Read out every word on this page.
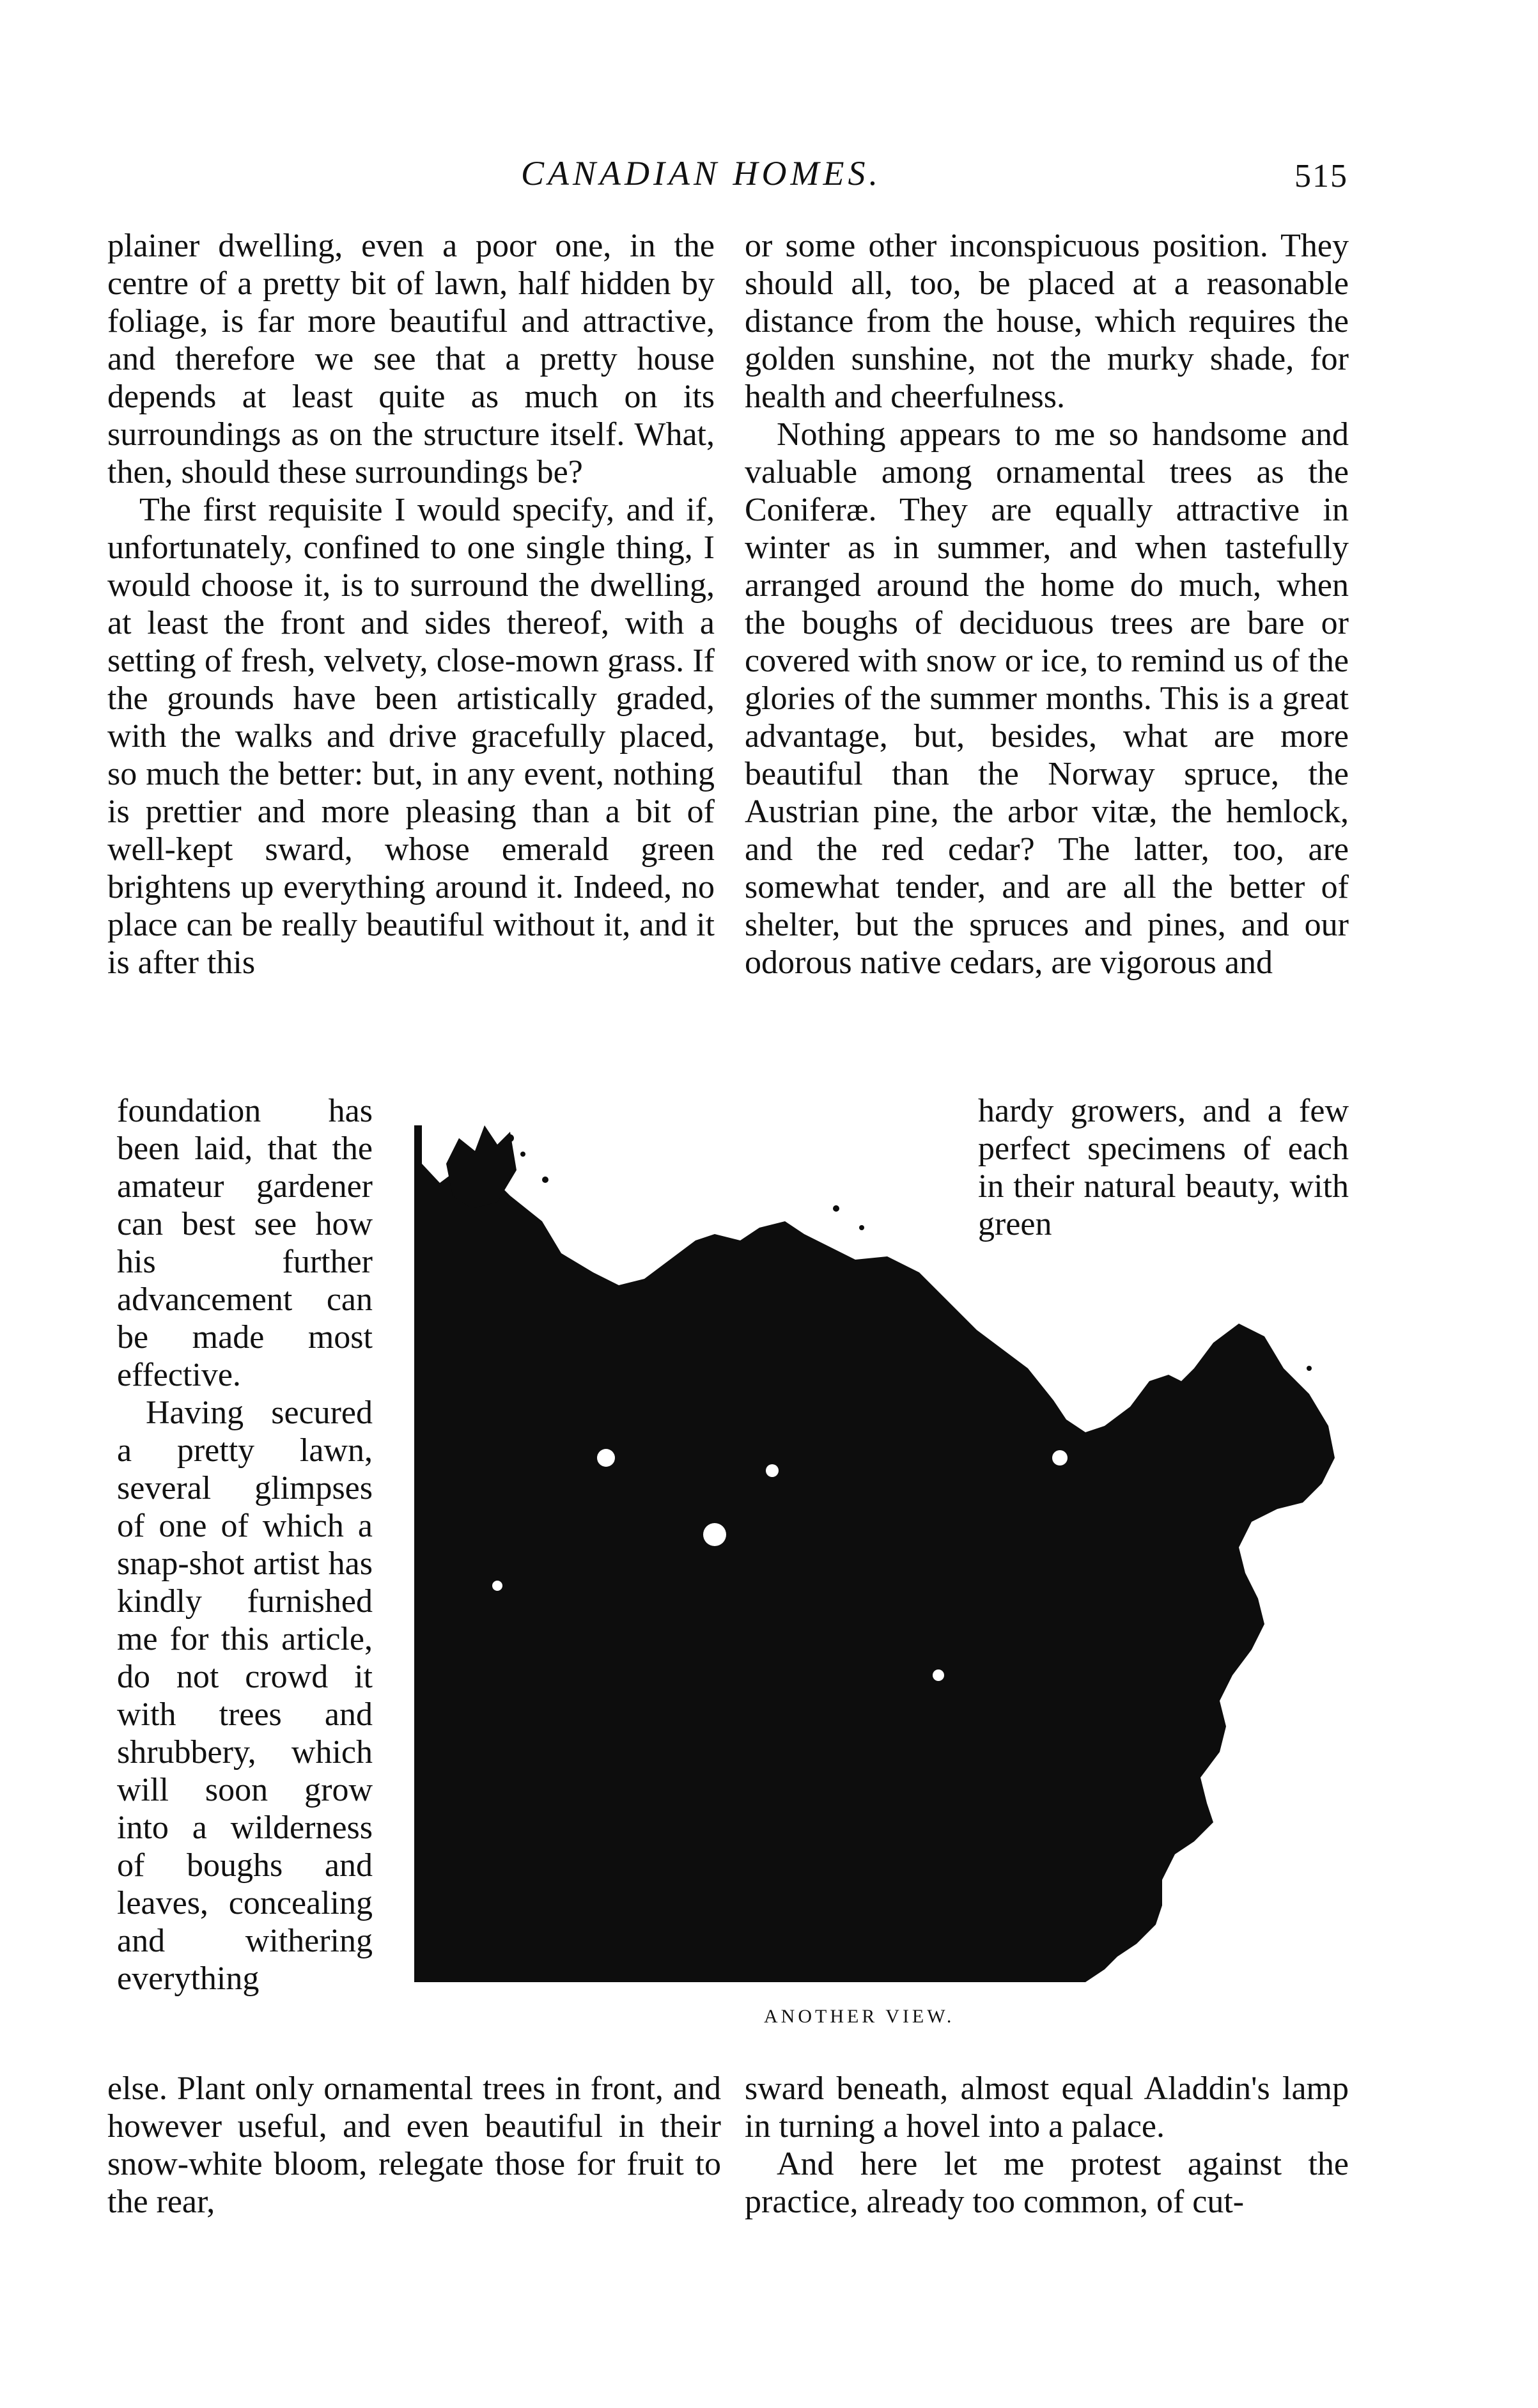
CANADIAN HOMES.	515

plainer dwelling, even a poor one, in the centre of a pretty bit of lawn, half hidden by foliage, is far more beautiful and attractive, and therefore we see that a pretty house depends at least quite as much on its surroundings as on the structure itself. What, then, should these surroundings be?

The first requisite I would specify, and if, unfortunately, confined to one single thing, I would choose it, is to surround the dwelling, at least the front and sides thereof, with a setting of fresh, velvety, close-mown grass. If the grounds have been artistically graded, with the walks and drive gracefully placed, so much the better: but, in any event, nothing is prettier and more pleasing than a bit of well-kept sward, whose emerald green brightens up everything around it. Indeed, no place can be really beautiful without it, and it is after this

foundation has been laid, that the amateur gardener can best see how his further advancement can be made most effective.

Having secured a pretty lawn, several glimpses of one of which a snap-shot artist has kindly furnished me for this article, do not crowd it with trees and shrubbery, which will soon grow into a wilderness of boughs and leaves, concealing and withering everything

else. Plant only ornamental trees in front, and however useful, and even beautiful in their snow-white bloom, relegate those for fruit to the rear,

or some other inconspicuous position. They should all, too, be placed at a reasonable distance from the house, which requires the golden sunshine, not the murky shade, for health and cheerfulness.

Nothing appears to me so handsome and valuable among ornamental trees as the Coniferæ. They are equally attractive in winter as in summer, and when tastefully arranged around the home do much, when the boughs of deciduous trees are bare or covered with snow or ice, to remind us of the glories of the summer months. This is a great advantage, but, besides, what are more beautiful than the Norway spruce, the Austrian pine, the arbor vitæ, the hemlock, and the red cedar? The latter, too, are somewhat tender, and are all the better of shelter, but the spruces and pines, and our odorous native cedars, are vigorous and

hardy growers, and a few perfect specimens of each in their natural beauty, with green

sward beneath, almost equal Aladdin's lamp in turning a hovel into a palace.

And here let me protest against the practice, already too common, of cut-

ANOTHER VIEW.
